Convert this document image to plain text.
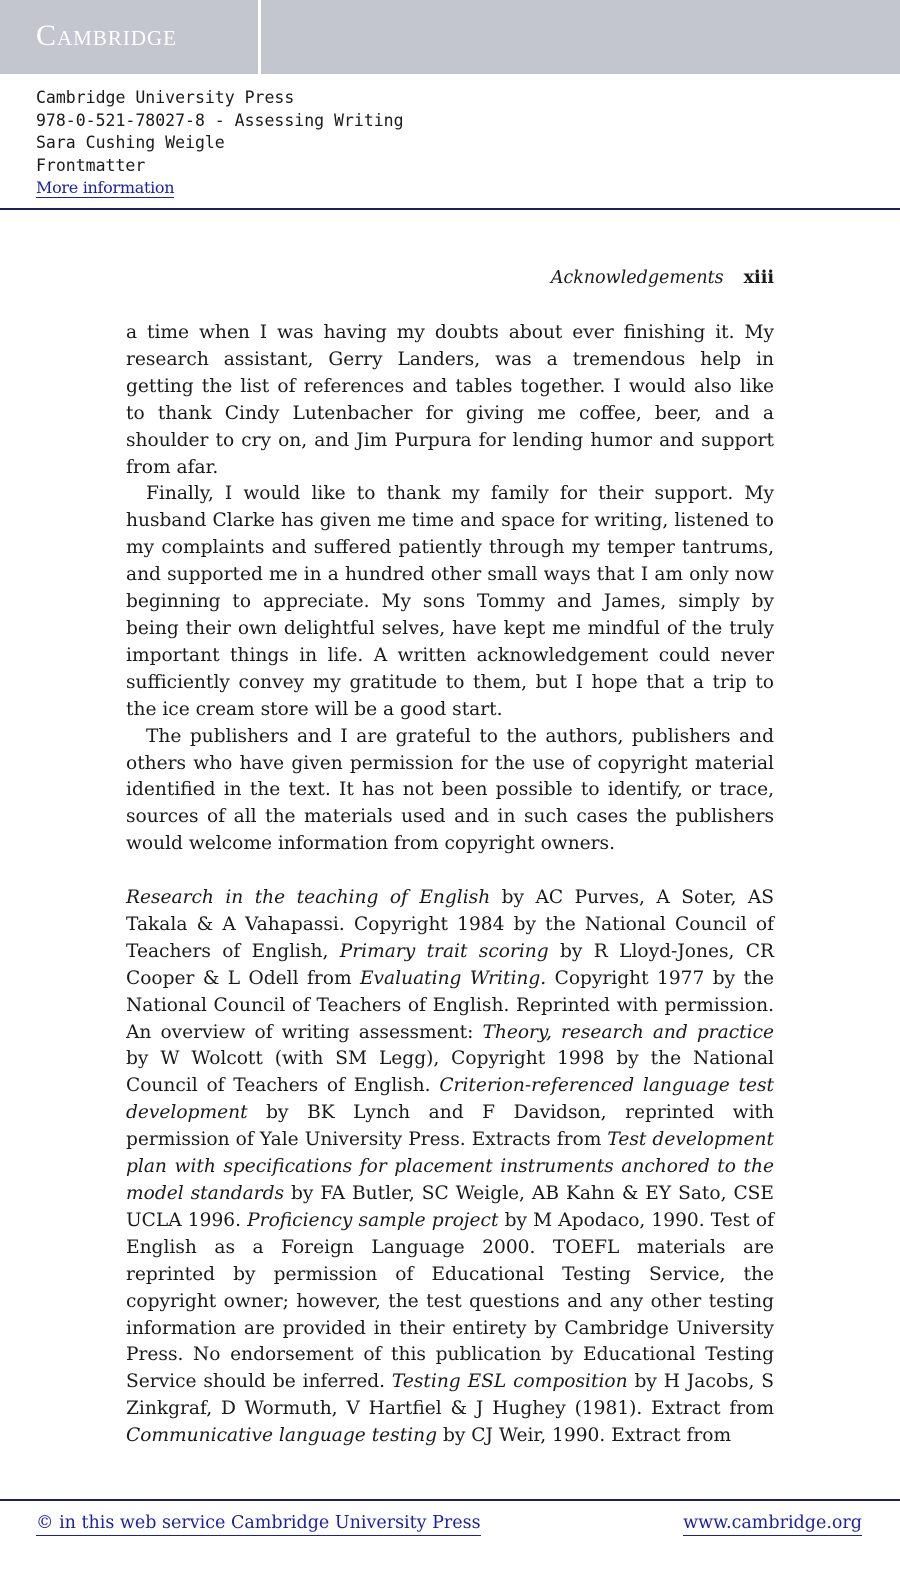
Cambridge
Cambridge University Press
978-0-521-78027-8 - Assessing Writing
Sara Cushing Weigle
Frontmatter
More information
Acknowledgements xiii

a time when I was having my doubts about ever finishing it. My research assistant, Gerry Landers, was a tremendous help in getting the list of references and tables together. I would also like to thank Cindy Lutenbacher for giving me coffee, beer, and a shoulder to cry on, and Jim Purpura for lending humor and support from afar.

Finally, I would like to thank my family for their support. My husband Clarke has given me time and space for writing, listened to my complaints and suffered patiently through my temper tantrums, and supported me in a hundred other small ways that I am only now beginning to appreciate. My sons Tommy and James, simply by being their own delightful selves, have kept me mindful of the truly important things in life. A written acknowledgement could never sufficiently convey my gratitude to them, but I hope that a trip to the ice cream store will be a good start.

The publishers and I are grateful to the authors, publishers and others who have given permission for the use of copyright material identified in the text. It has not been possible to identify, or trace, sources of all the materials used and in such cases the publishers would welcome information from copyright owners.

Research in the teaching of English by AC Purves, A Soter, AS Takala & A Vahapassi. Copyright 1984 by the National Council of Teachers of English, Primary trait scoring by R Lloyd-Jones, CR Cooper & L Odell from Evaluating Writing. Copyright 1977 by the National Council of Teachers of English. Reprinted with permission. An overview of writing assessment: Theory, research and practice by W Wolcott (with SM Legg), Copyright 1998 by the National Council of Teachers of English. Criterion-referenced language test development by BK Lynch and F Davidson, reprinted with permission of Yale University Press. Extracts from Test development plan with specifications for placement instruments anchored to the model standards by FA Butler, SC Weigle, AB Kahn & EY Sato, CSE UCLA 1996. Proficiency sample project by M Apodaco, 1990. Test of English as a Foreign Language 2000. TOEFL materials are reprinted by permission of Educational Testing Service, the copyright owner; however, the test questions and any other testing information are provided in their entirety by Cambridge University Press. No endorsement of this publication by Educational Testing Service should be inferred. Testing ESL composition by H Jacobs, S Zinkgraf, D Wormuth, V Hartfiel & J Hughey (1981). Extract from Communicative language testing by CJ Weir, 1990. Extract from

© in this web service Cambridge University Press	www.cambridge.org
